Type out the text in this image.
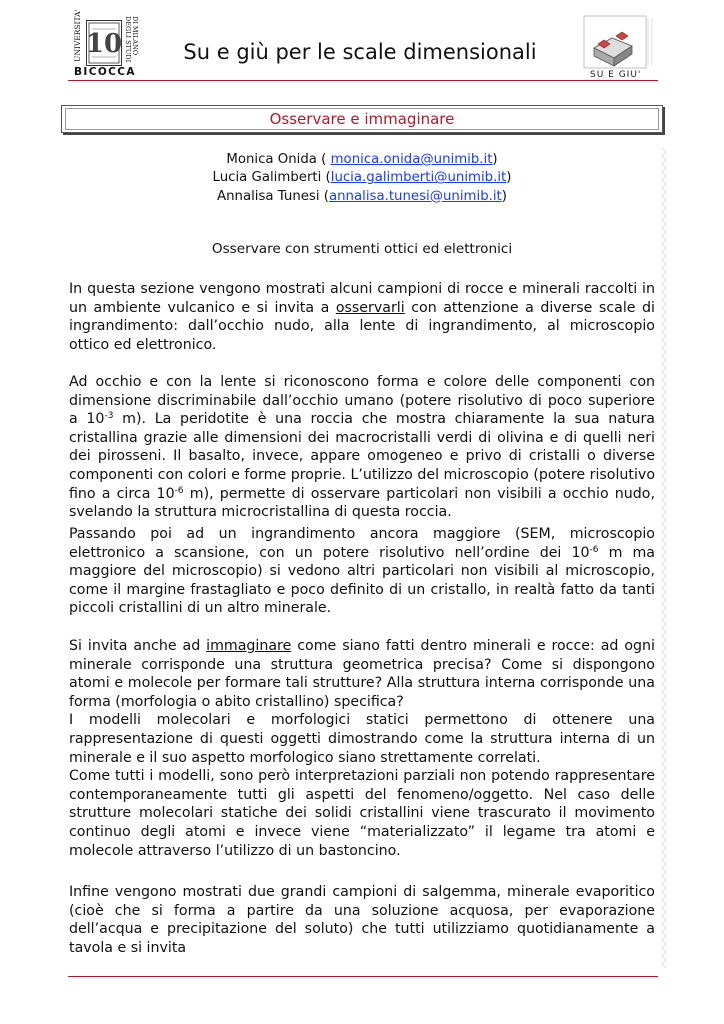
UNIVERSITA' 10 DEGLI STUDI DI MILANO
BICOCCA
Su e giù per le scale dimensionali
SU E GIU'
Osservare e immaginare
Monica Onida ( monica.onida@unimib.it)
Lucia Galimberti (lucia.galimberti@unimib.it)
Annalisa Tunesi (annalisa.tunesi@unimib.it)
Osservare con strumenti ottici ed elettronici

In questa sezione vengono mostrati alcuni campioni di rocce e minerali raccolti in un ambiente vulcanico e si invita a osservarli con attenzione a diverse scale di ingrandimento: dall’occhio nudo, alla lente di ingrandimento, al microscopio ottico ed elettronico.

Ad occhio e con la lente si riconoscono forma e colore delle componenti con dimensione discriminabile dall’occhio umano (potere risolutivo di poco superiore a $10^{-3}$ m). La peridotite è una roccia che mostra chiaramente la sua natura cristallina grazie alle dimensioni dei macrocristalli verdi di olivina e di quelli neri dei pirosseni. Il basalto, invece, appare omogeneo e privo di cristalli o diverse componenti con colori e forme proprie. L’utilizzo del microscopio (potere risolutivo fino a circa $10^{-6}$ m), permette di osservare particolari non visibili a occhio nudo, svelando la struttura microcristallina di questa roccia.

Passando poi ad un ingrandimento ancora maggiore (SEM, microscopio elettronico a scansione, con un potere risolutivo nell’ordine dei $10^{-6}$ m ma maggiore del microscopio) si vedono altri particolari non visibili al microscopio, come il margine frastagliato e poco definito di un cristallo, in realtà fatto da tanti piccoli cristallini di un altro minerale.

Si invita anche ad immaginare come siano fatti dentro minerali e rocce: ad ogni minerale corrisponde una struttura geometrica precisa? Come si dispongono atomi e molecole per formare tali strutture? Alla struttura interna corrisponde una forma (morfologia o abito cristallino) specifica?

I modelli molecolari e morfologici statici permettono di ottenere una rappresentazione di questi oggetti dimostrando come la struttura interna di un minerale e il suo aspetto morfologico siano strettamente correlati.

Come tutti i modelli, sono però interpretazioni parziali non potendo rappresentare contemporaneamente tutti gli aspetti del fenomeno/oggetto. Nel caso delle strutture molecolari statiche dei solidi cristallini viene trascurato il movimento continuo degli atomi e invece viene “materializzato” il legame tra atomi e molecole attraverso l’utilizzo di un bastoncino.

Infine vengono mostrati due grandi campioni di salgemma, minerale evaporitico (cioè che si forma a partire da una soluzione acquosa, per evaporazione dell’acqua e precipitazione del soluto) che tutti utilizziamo quotidianamente a tavola e si invita
